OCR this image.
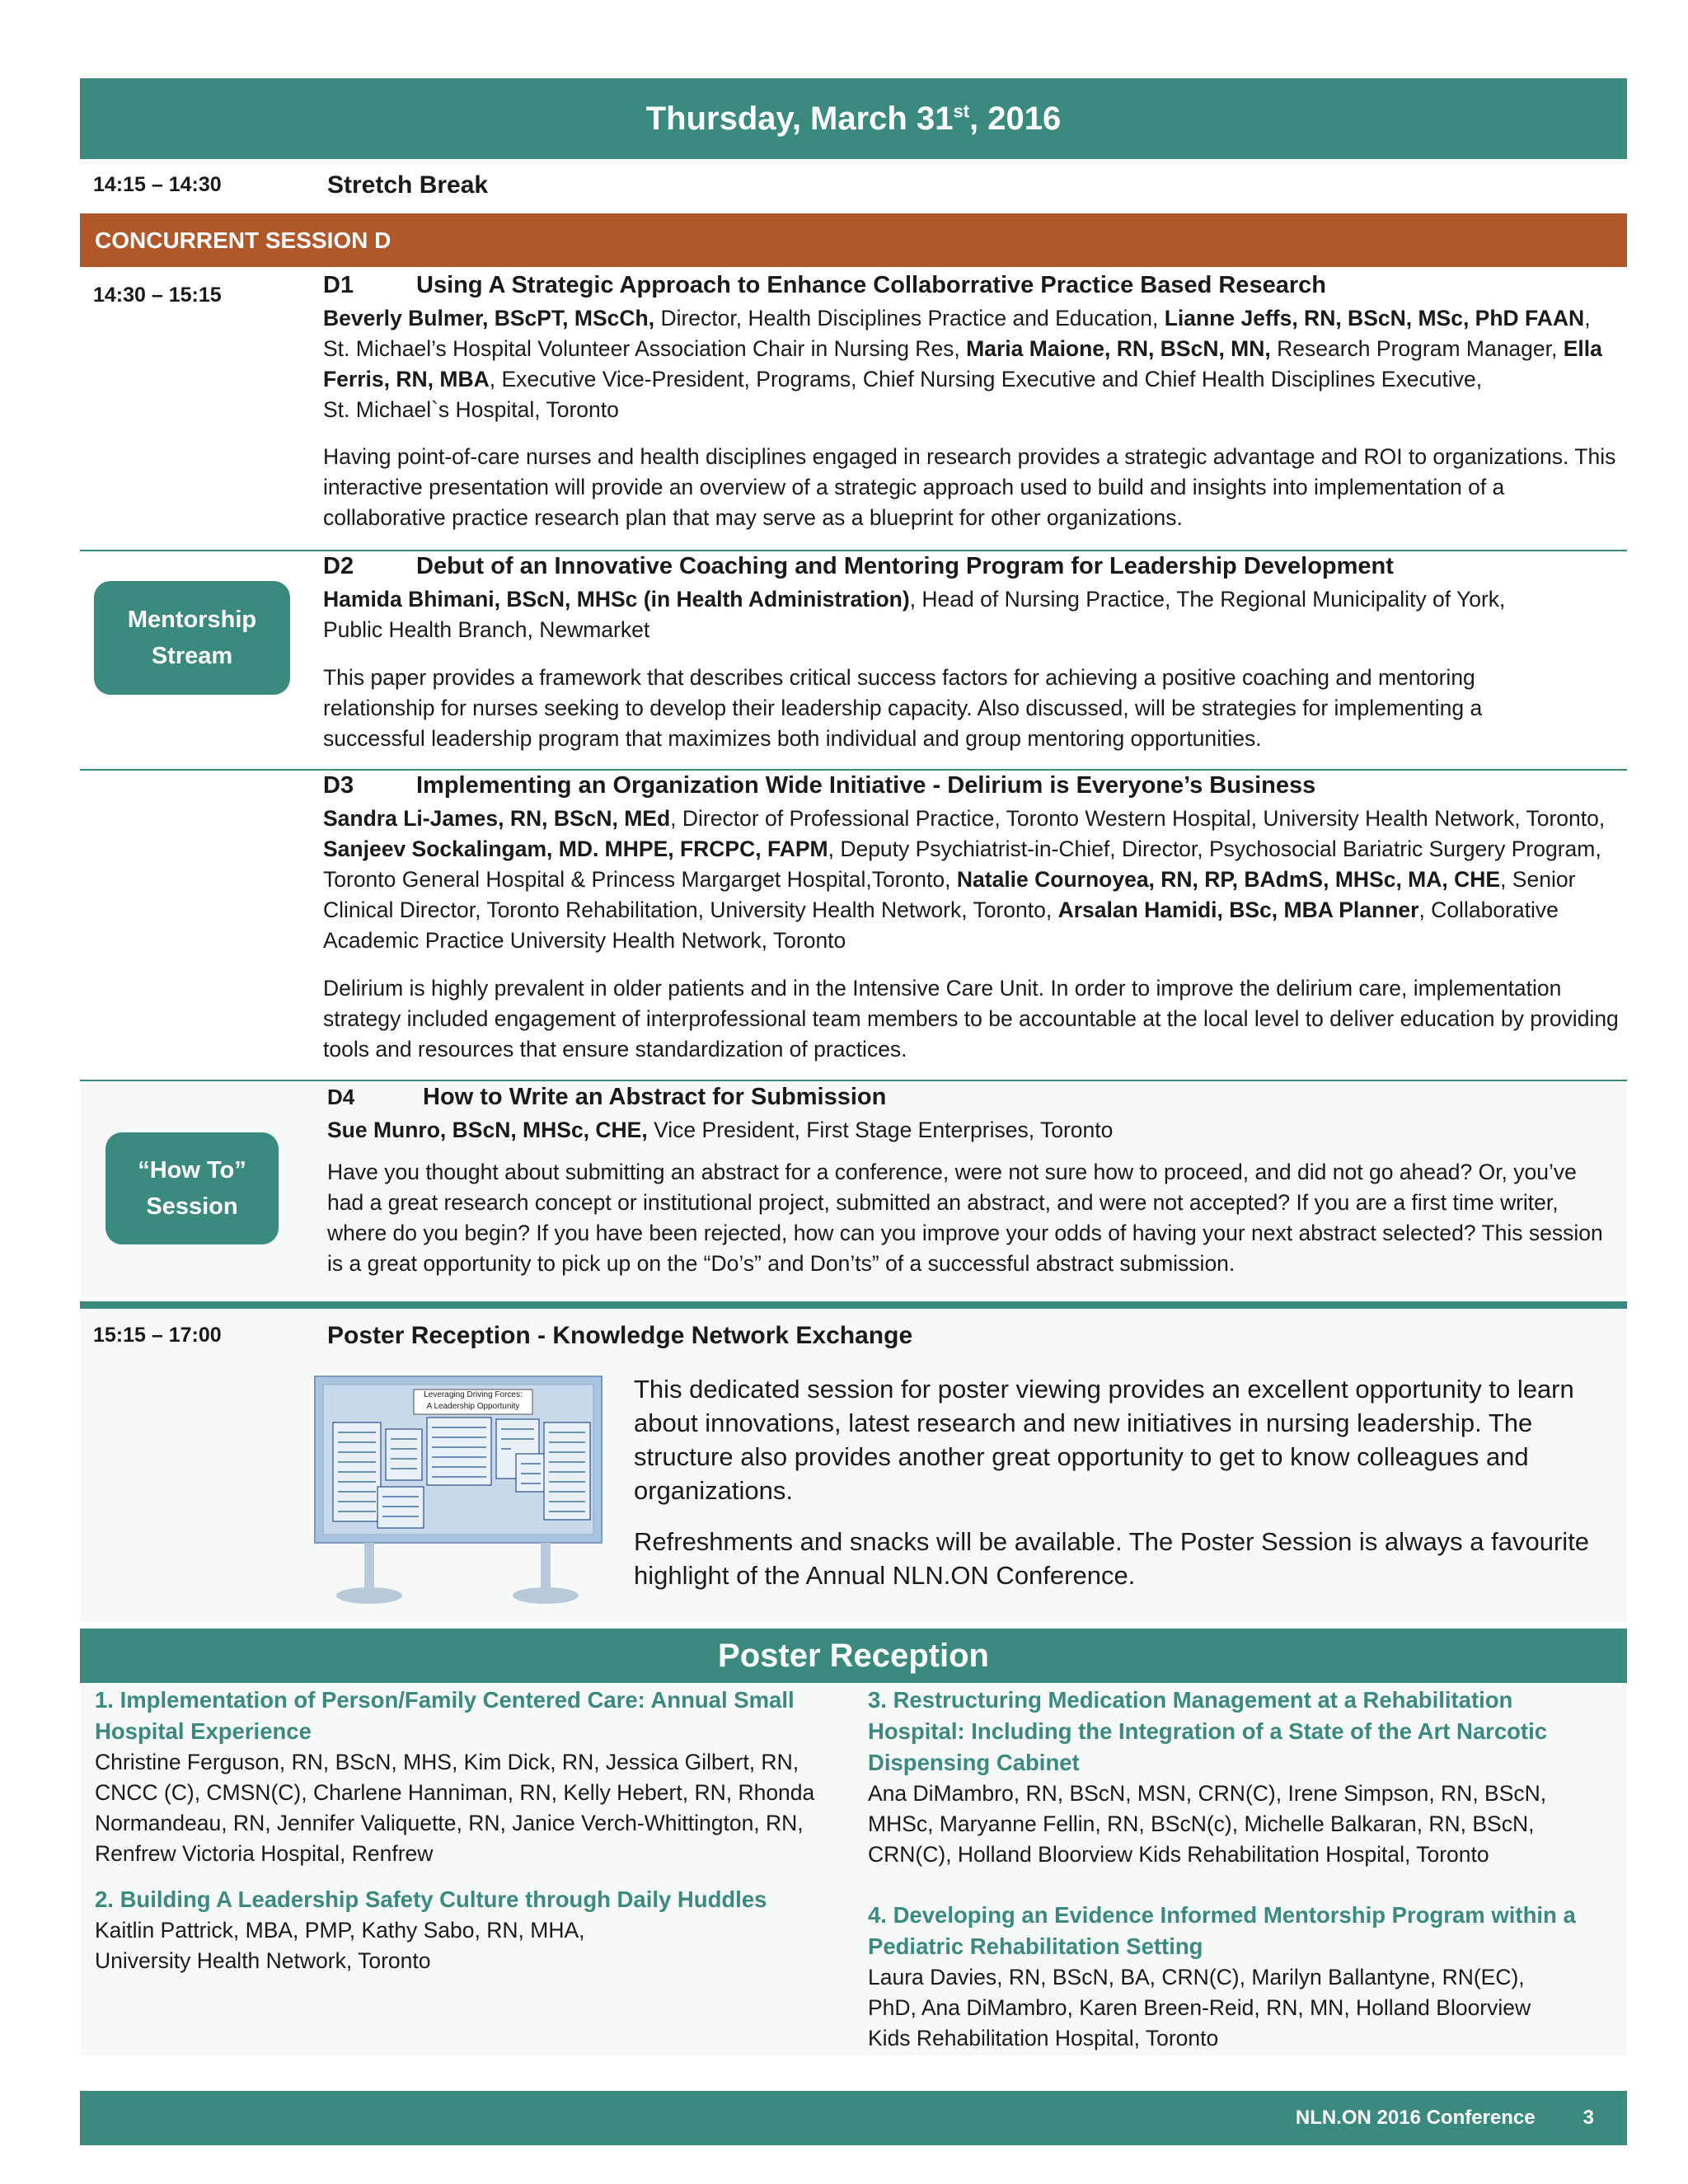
Thursday, March 31st, 2016
14:15 – 14:30	Stretch Break
CONCURRENT SESSION D
14:30 – 15:15	D1	Using A Strategic Approach to Enhance Collaborrative Practice Based Research
Beverly Bulmer, BScPT, MScCh, Director, Health Disciplines Practice and Education, Lianne Jeffs, RN, BScN, MSc, PhD FAAN, St. Michael’s Hospital Volunteer Association Chair in Nursing Res, Maria Maione, RN, BScN, MN, Research Program Manager, Ella Ferris, RN, MBA, Executive Vice-President, Programs, Chief Nursing Executive and Chief Health Disciplines Executive,
St. Michael`s Hospital, Toronto
Having point-of-care nurses and health disciplines engaged in research provides a strategic advantage and ROI to organizations. This interactive presentation will provide an overview of a strategic approach used to build and insights into implementation of a collaborative practice research plan that may serve as a blueprint for other organizations.
Mentorship Stream
D2	Debut of an Innovative Coaching and Mentoring Program for Leadership Development
Hamida Bhimani, BScN, MHSc (in Health Administration), Head of Nursing Practice, The Regional Municipality of York,
Public Health Branch, Newmarket
This paper provides a framework that describes critical success factors for achieving a positive coaching and mentoring relationship for nurses seeking to develop their leadership capacity. Also discussed, will be strategies for implementing a successful leadership program that maximizes both individual and group mentoring opportunities.
D3	Implementing an Organization Wide Initiative - Delirium is Everyone’s Business
Sandra Li-James, RN, BScN, MEd, Director of Professional Practice, Toronto Western Hospital, University Health Network, Toronto, Sanjeev Sockalingam, MD. MHPE, FRCPC, FAPM, Deputy Psychiatrist-in-Chief, Director, Psychosocial Bariatric Surgery Program, Toronto General Hospital & Princess Margarget Hospital,Toronto, Natalie Cournoyea, RN, RP, BAdmS, MHSc, MA, CHE, Senior Clinical Director, Toronto Rehabilitation, University Health Network, Toronto, Arsalan Hamidi, BSc, MBA Planner, Collaborative Academic Practice University Health Network, Toronto
Delirium is highly prevalent in older patients and in the Intensive Care Unit. In order to improve the delirium care, implementation strategy included engagement of interprofessional team members to be accountable at the local level to deliver education by providing tools and resources that ensure standardization of practices.
“How To”
Session
D4	How to Write an Abstract for Submission
Sue Munro, BScN, MHSc, CHE, Vice President, First Stage Enterprises, Toronto
Have you thought about submitting an abstract for a conference, were not sure how to proceed, and did not go ahead? Or, you’ve had a great research concept or institutional project, submitted an abstract, and were not accepted? If you are a first time writer, where do you begin? If you have been rejected, how can you improve your odds of having your next abstract selected? This session is a great opportunity to pick up on the “Do’s” and Don’ts” of a successful abstract submission.
15:15 – 17:00	Poster Reception - Knowledge Network Exchange
Leveraging Driving Forces:
A Leadership Opportunity
This dedicated session for poster viewing provides an excellent opportunity to learn about innovations, latest research and new initiatives in nursing leadership. The structure also provides another great opportunity to get to know colleagues and organizations.
Refreshments and snacks will be available. The Poster Session is always a favourite highlight of the Annual NLN.ON Conference.
Poster Reception
1. Implementation of Person/Family Centered Care: Annual Small Hospital Experience
Christine Ferguson, RN, BScN, MHS, Kim Dick, RN, Jessica Gilbert, RN, CNCC (C), CMSN(C), Charlene Hanniman, RN, Kelly Hebert, RN, Rhonda Normandeau, RN, Jennifer Valiquette, RN, Janice Verch-Whittington, RN, Renfrew Victoria Hospital, Renfrew
2. Building A Leadership Safety Culture through Daily Huddles
Kaitlin Pattrick, MBA, PMP, Kathy Sabo, RN, MHA, University Health Network, Toronto
3. Restructuring Medication Management at a Rehabilitation Hospital: Including the Integration of a State of the Art Narcotic Dispensing Cabinet
Ana DiMambro, RN, BScN, MSN, CRN(C), Irene Simpson, RN, BScN, MHSc, Maryanne Fellin, RN, BScN(c), Michelle Balkaran, RN, BScN, CRN(C), Holland Bloorview Kids Rehabilitation Hospital, Toronto
4. Developing an Evidence Informed Mentorship Program within a Pediatric Rehabilitation Setting
Laura Davies, RN, BScN, BA, CRN(C), Marilyn Ballantyne, RN(EC), PhD, Ana DiMambro, Karen Breen-Reid, RN, MN, Holland Bloorview Kids Rehabilitation Hospital, Toronto
NLN.ON 2016 Conference 3
